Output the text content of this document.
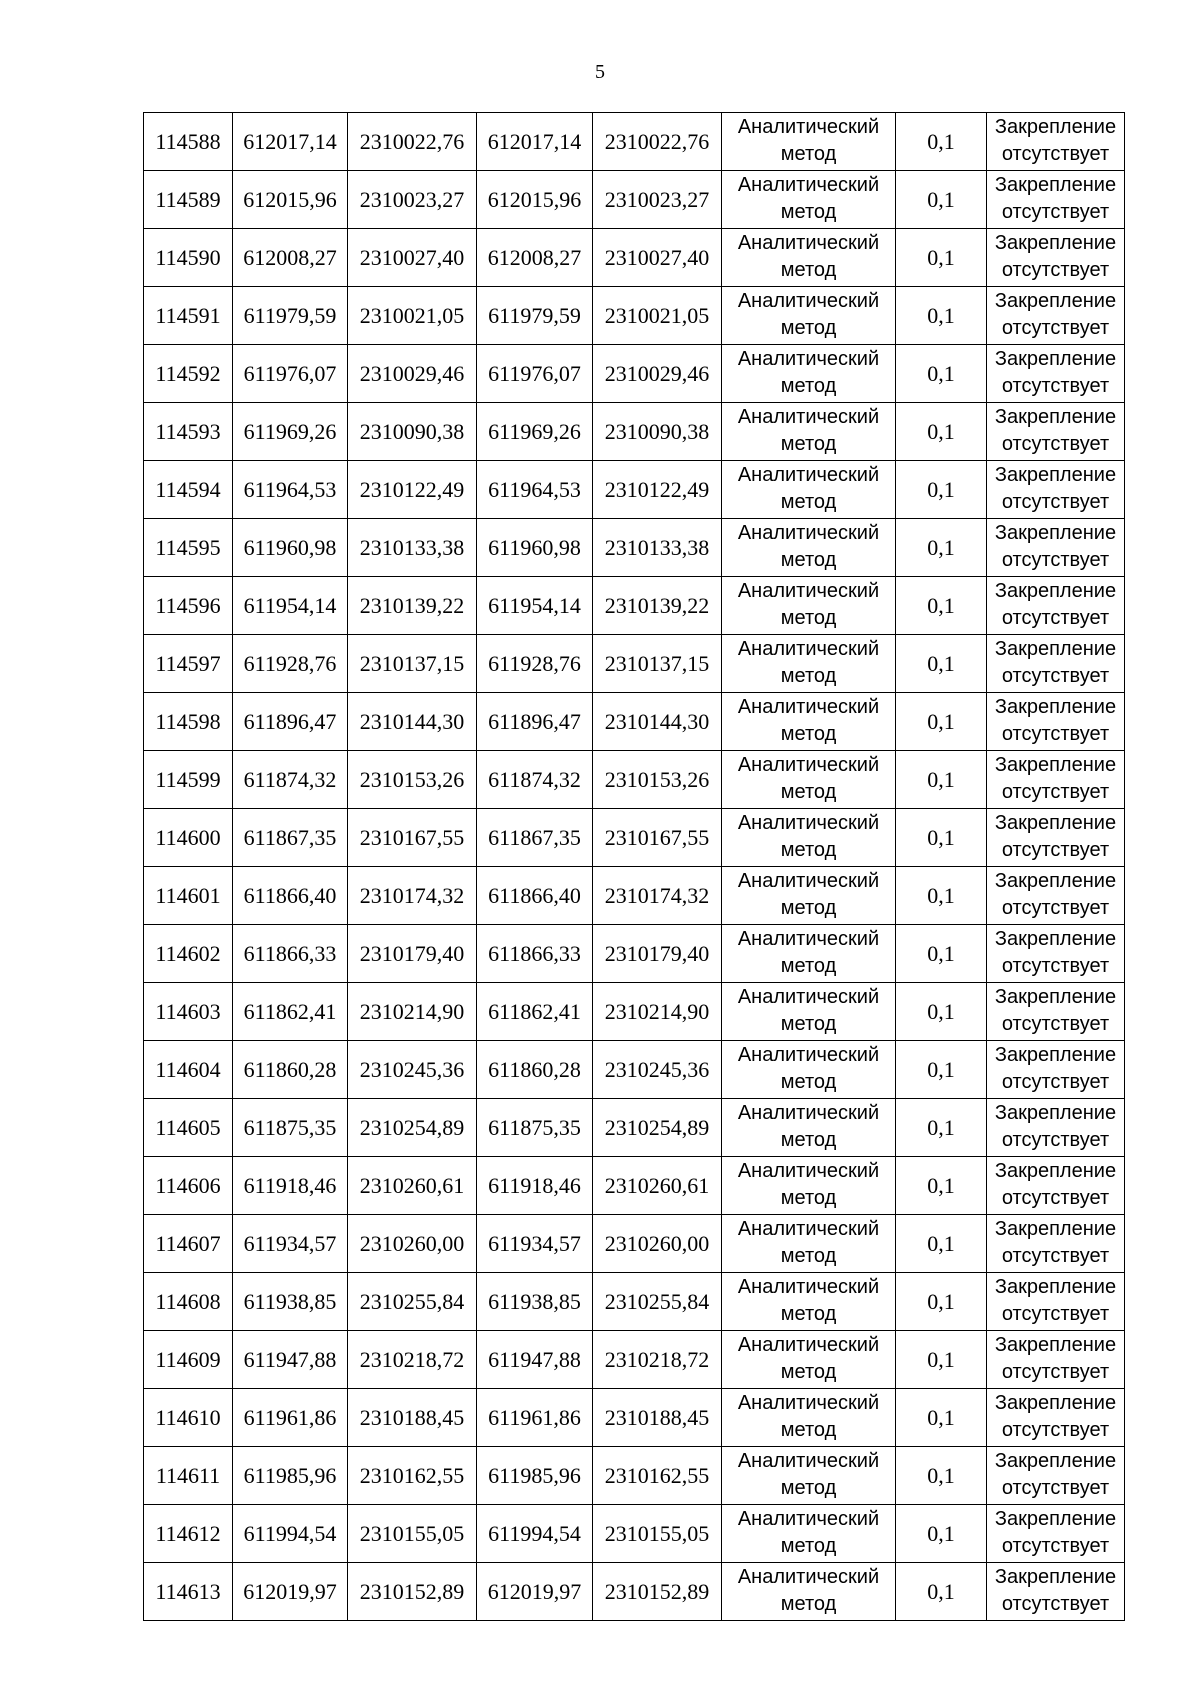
5
114588	612017,14	2310022,76	612017,14	2310022,76	Аналитический
метод	0,1	Закрепление
отсутствует

114589	612015,96	2310023,27	612015,96	2310023,27	Аналитический
метод	0,1	Закрепление
отсутствует

114590	612008,27	2310027,40	612008,27	2310027,40	Аналитический
метод	0,1	Закрепление
отсутствует

114591	611979,59	2310021,05	611979,59	2310021,05	Аналитический
метод	0,1	Закрепление
отсутствует

114592	611976,07	2310029,46	611976,07	2310029,46	Аналитический
метод	0,1	Закрепление
отсутствует

114593	611969,26	2310090,38	611969,26	2310090,38	Аналитический
метод	0,1	Закрепление
отсутствует

114594	611964,53	2310122,49	611964,53	2310122,49	Аналитический
метод	0,1	Закрепление
отсутствует

114595	611960,98	2310133,38	611960,98	2310133,38	Аналитический
метод	0,1	Закрепление
отсутствует

114596	611954,14	2310139,22	611954,14	2310139,22	Аналитический
метод	0,1	Закрепление
отсутствует

114597	611928,76	2310137,15	611928,76	2310137,15	Аналитический
метод	0,1	Закрепление
отсутствует

114598	611896,47	2310144,30	611896,47	2310144,30	Аналитический
метод	0,1	Закрепление
отсутствует

114599	611874,32	2310153,26	611874,32	2310153,26	Аналитический
метод	0,1	Закрепление
отсутствует

114600	611867,35	2310167,55	611867,35	2310167,55	Аналитический
метод	0,1	Закрепление
отсутствует

114601	611866,40	2310174,32	611866,40	2310174,32	Аналитический
метод	0,1	Закрепление
отсутствует

114602	611866,33	2310179,40	611866,33	2310179,40	Аналитический
метод	0,1	Закрепление
отсутствует

114603	611862,41	2310214,90	611862,41	2310214,90	Аналитический
метод	0,1	Закрепление
отсутствует

114604	611860,28	2310245,36	611860,28	2310245,36	Аналитический
метод	0,1	Закрепление
отсутствует

114605	611875,35	2310254,89	611875,35	2310254,89	Аналитический
метод	0,1	Закрепление
отсутствует

114606	611918,46	2310260,61	611918,46	2310260,61	Аналитический
метод	0,1	Закрепление
отсутствует

114607	611934,57	2310260,00	611934,57	2310260,00	Аналитический
метод	0,1	Закрепление
отсутствует

114608	611938,85	2310255,84	611938,85	2310255,84	Аналитический
метод	0,1	Закрепление
отсутствует

114609	611947,88	2310218,72	611947,88	2310218,72	Аналитический
метод	0,1	Закрепление
отсутствует

114610	611961,86	2310188,45	611961,86	2310188,45	Аналитический
метод	0,1	Закрепление
отсутствует

114611	611985,96	2310162,55	611985,96	2310162,55	Аналитический
метод	0,1	Закрепление
отсутствует

114612	611994,54	2310155,05	611994,54	2310155,05	Аналитический
метод	0,1	Закрепление
отсутствует

114613	612019,97	2310152,89	612019,97	2310152,89	Аналитический
метод	0,1	Закрепление
отсутствует
